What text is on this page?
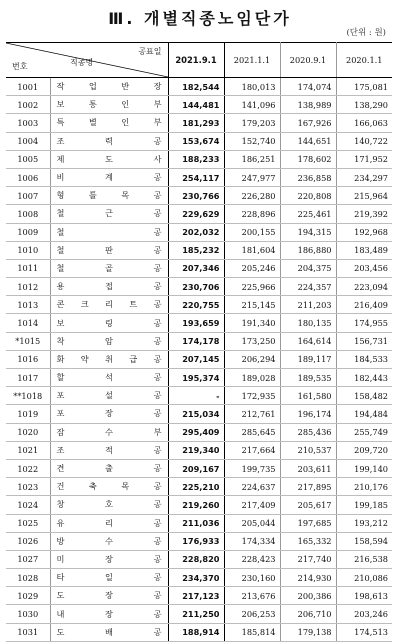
Ⅲ. 개별직종노임단가
(단위 : 원)
공표일
직종명
번호		2021.9.1	2021.1.1	2020.9.1	2020.1.1
1001	작 업 반 장	182,544	180,013	174,074	175,081
1002	보 통 인 부	144,481	141,096	138,989	138,290
1003	특 별 인 부	181,293	179,203	167,926	166,063
1004	조 력 공	153,674	152,740	144,651	140,722
1005	제 도 사	188,233	186,251	178,602	171,952
1006	비 계 공	254,117	247,977	236,858	234,297
1007	형 틀 목 공	230,766	226,280	220,808	215,964
1008	철 근 공	229,629	228,896	225,461	219,392
1009	철 공	202,032	200,155	194,315	192,968
1010	철 판 공	185,232	181,604	186,880	183,489
1011	철 골 공	207,346	205,246	204,375	203,456
1012	용 접 공	230,706	225,966	224,357	223,094
1013	콘 크 리 트 공	220,755	215,145	211,203	216,409
1014	보 링 공	193,659	191,340	180,135	174,955
*1015	착 암 공	174,178	173,250	164,614	156,731
1016	화 약 취 급 공	207,145	206,294	189,117	184,533
1017	할 석 공	195,374	189,028	189,535	182,443
**1018	포 설 공	-	172,935	161,580	158,482
1019	포 장 공	215,034	212,761	196,174	194,484
1020	잠 수 부	295,409	285,645	285,436	255,749
1021	조 적 공	219,340	217,664	210,537	209,720
1022	견 출 공	209,167	199,735	203,611	199,140
1023	건 축 목 공	225,210	224,637	217,895	210,176
1024	창 호 공	219,260	217,409	205,617	199,185
1025	유 리 공	211,036	205,044	197,685	193,212
1026	방 수 공	176,933	174,334	165,332	158,594
1027	미 장 공	228,820	228,423	217,740	216,538
1028	타 일 공	234,370	230,160	214,930	210,086
1029	도 장 공	217,123	213,676	200,386	198,613
1030	내 장 공	211,250	206,253	206,710	203,246
1031	도 배 공	188,914	185,814	179,138	174,513
